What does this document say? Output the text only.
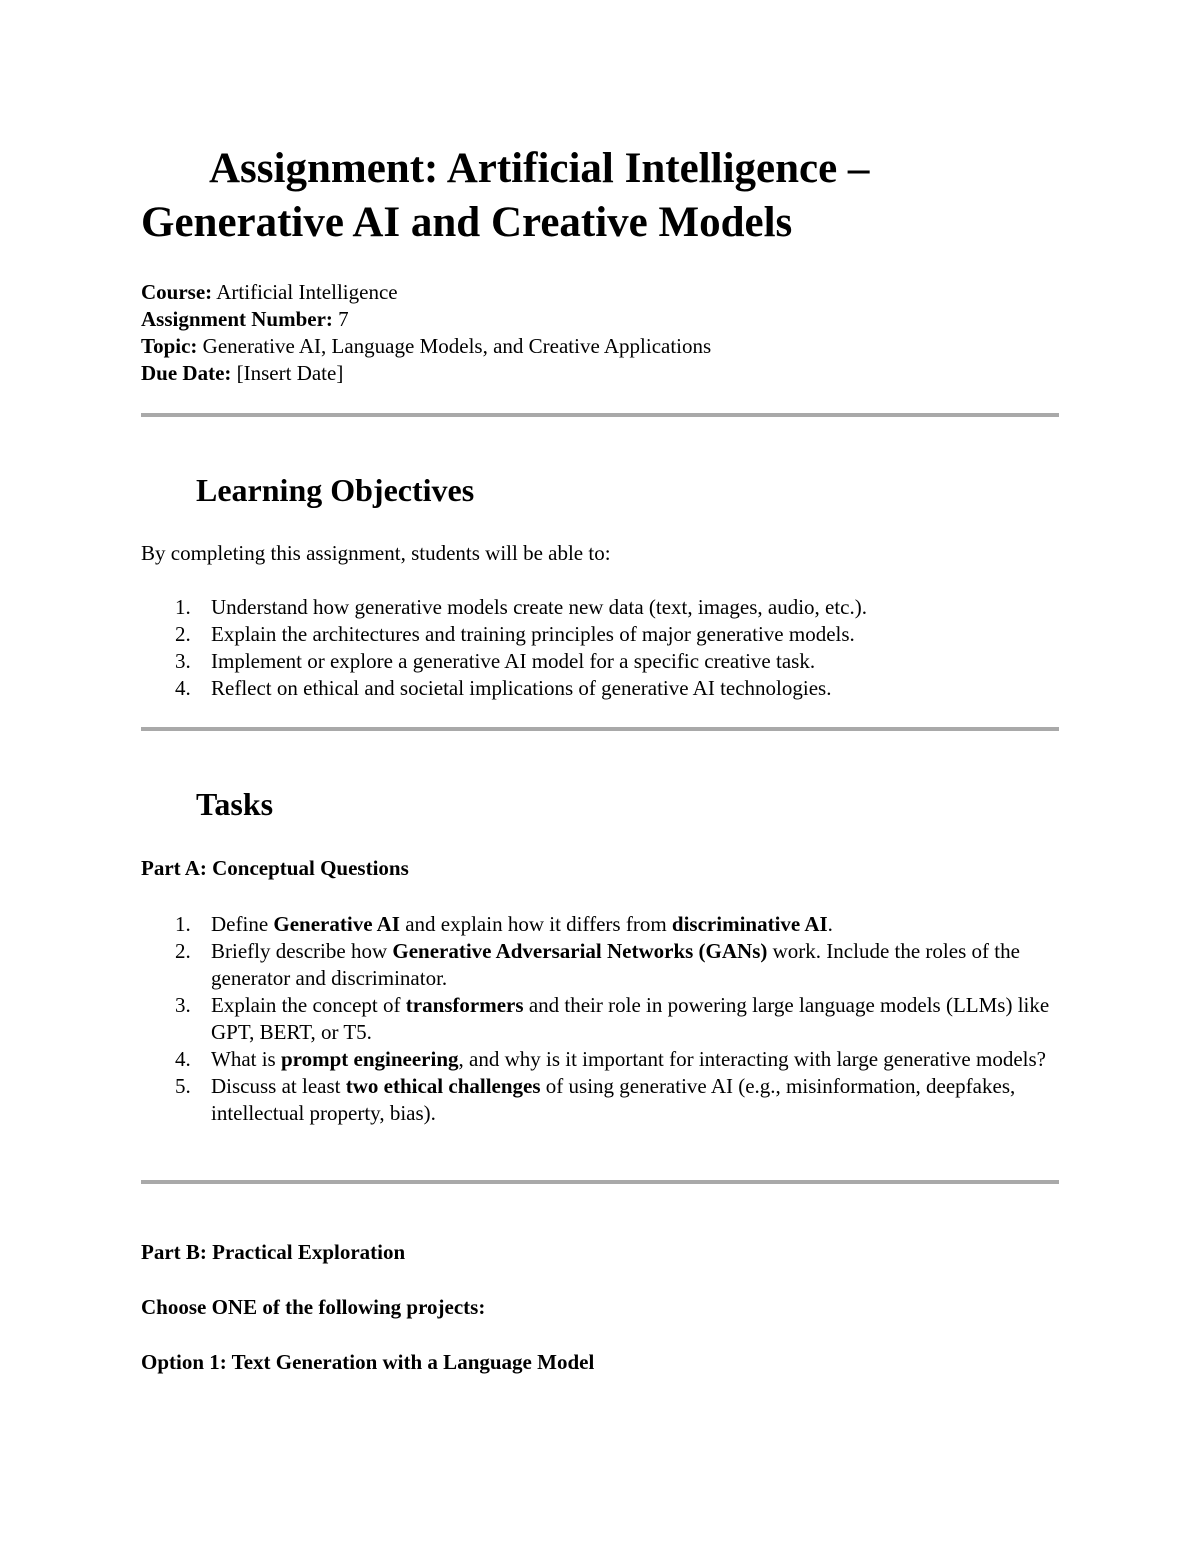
Assignment: Artificial Intelligence – Generative AI and Creative Models
Course: Artificial Intelligence
Assignment Number: 7
Topic: Generative AI, Language Models, and Creative Applications
Due Date: [Insert Date]
Learning Objectives

By completing this assignment, students will be able to:

1. Understand how generative models create new data (text, images, audio, etc.).
2. Explain the architectures and training principles of major generative models.
3. Implement or explore a generative AI model for a specific creative task.
4. Reflect on ethical and societal implications of generative AI technologies.
Tasks

Part A: Conceptual Questions

1. Define Generative AI and explain how it differs from discriminative AI.
2. Briefly describe how Generative Adversarial Networks (GANs) work. Include the roles of the generator and discriminator.
3. Explain the concept of transformers and their role in powering large language models (LLMs) like GPT, BERT, or T5.
4. What is prompt engineering, and why is it important for interacting with large generative models?
5. Discuss at least two ethical challenges of using generative AI (e.g., misinformation, deepfakes, intellectual property, bias).

Part B: Practical Exploration

Choose ONE of the following projects:

Option 1: Text Generation with a Language Model
